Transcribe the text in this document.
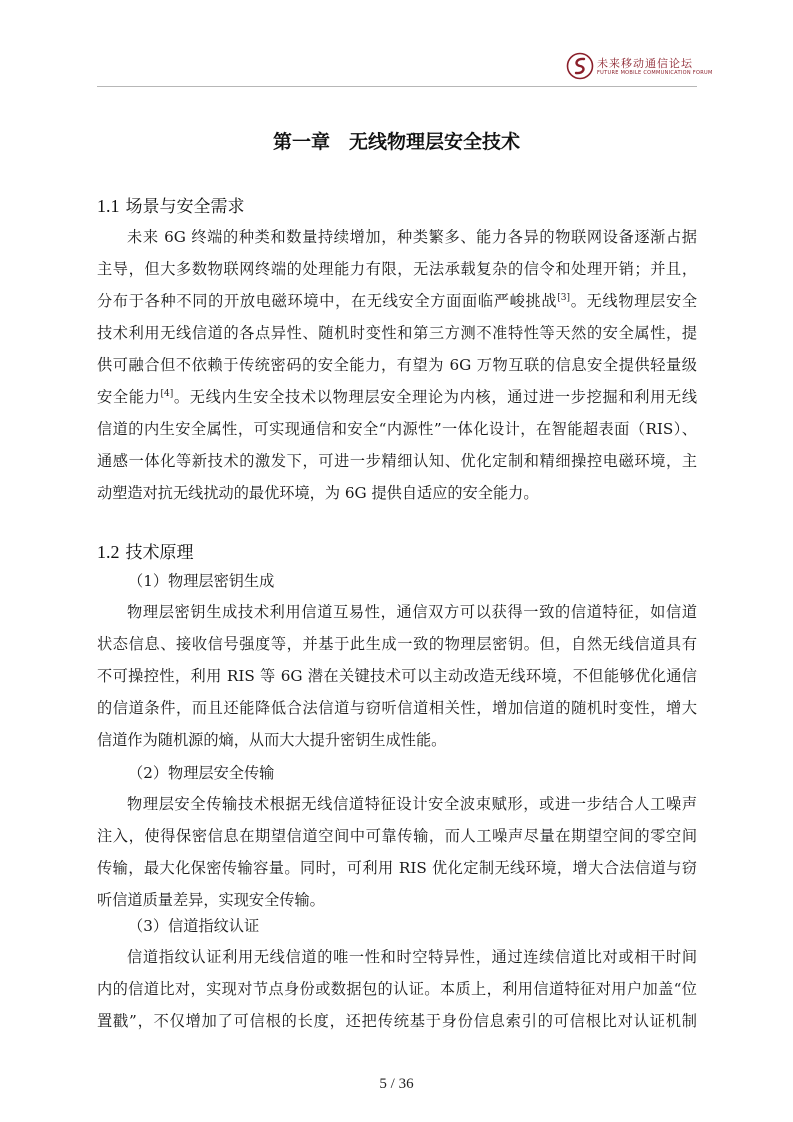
未来移动通信论坛
FUTURE MOBILE COMMUNICATION FORUM
第一章　无线物理层安全技术
1.1 场景与安全需求
未来 6G 终端的种类和数量持续增加，种类繁多、能力各异的物联网设备逐渐占据
主导，但大多数物联网终端的处理能力有限，无法承载复杂的信令和处理开销；并且，
分布于各种不同的开放电磁环境中，在无线安全方面面临严峻挑战[3]。无线物理层安全
技术利用无线信道的各点异性、随机时变性和第三方测不准特性等天然的安全属性，提
供可融合但不依赖于传统密码的安全能力，有望为 6G 万物互联的信息安全提供轻量级
安全能力[4]。无线内生安全技术以物理层安全理论为内核，通过进一步挖掘和利用无线
信道的内生安全属性，可实现通信和安全“内源性”一体化设计，在智能超表面（RIS）、
通感一体化等新技术的激发下，可进一步精细认知、优化定制和精细操控电磁环境，主
动塑造对抗无线扰动的最优环境，为 6G 提供自适应的安全能力。
1.2 技术原理
（1）物理层密钥生成
物理层密钥生成技术利用信道互易性，通信双方可以获得一致的信道特征，如信道
状态信息、接收信号强度等，并基于此生成一致的物理层密钥。但，自然无线信道具有
不可操控性，利用 RIS 等 6G 潜在关键技术可以主动改造无线环境，不但能够优化通信
的信道条件，而且还能降低合法信道与窃听信道相关性，增加信道的随机时变性，增大
信道作为随机源的熵，从而大大提升密钥生成性能。
（2）物理层安全传输
物理层安全传输技术根据无线信道特征设计安全波束赋形，或进一步结合人工噪声
注入，使得保密信息在期望信道空间中可靠传输，而人工噪声尽量在期望空间的零空间
传输，最大化保密传输容量。同时，可利用 RIS 优化定制无线环境，增大合法信道与窃
听信道质量差异，实现安全传输。
（3）信道指纹认证
信道指纹认证利用无线信道的唯一性和时空特异性，通过连续信道比对或相干时间
内的信道比对，实现对节点身份或数据包的认证。本质上，利用信道特征对用户加盖“位
置戳”，不仅增加了可信根的长度，还把传统基于身份信息索引的可信根比对认证机制
5 / 36
